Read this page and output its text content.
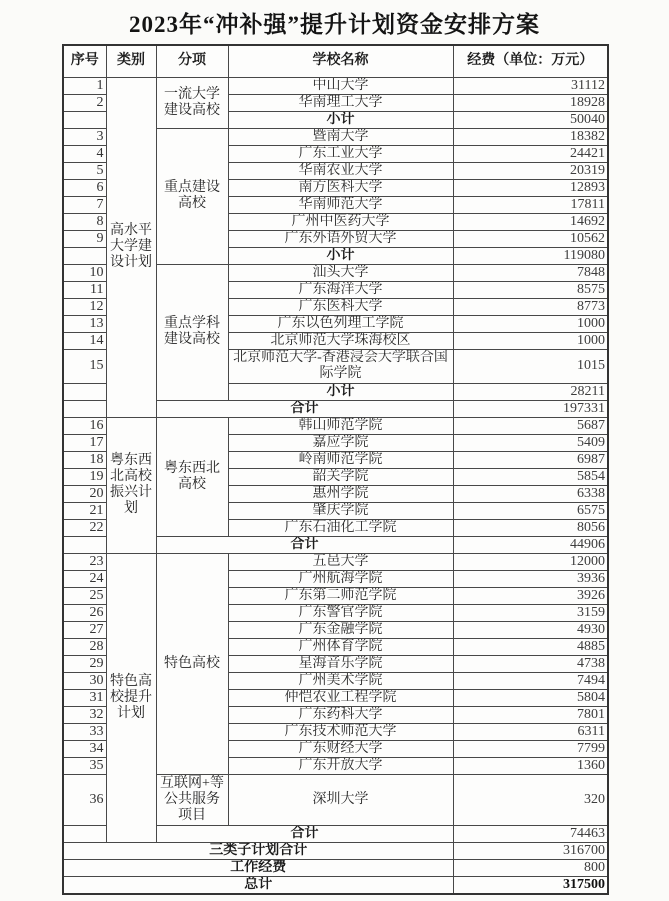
2023年“冲补强”提升计划资金安排方案
序号	类别	分项	学校名称	经费（单位：万元）
1	高水平大学建设计划	一流大学建设高校	中山大学	31112
2			华南理工大学	18928
			小计	50040
3		重点建设高校	暨南大学	18382
4			广东工业大学	24421
5			华南农业大学	20319
6			南方医科大学	12893
7			华南师范大学	17811
8			广州中医药大学	14692
9			广东外语外贸大学	10562
			小计	119080
10		重点学科建设高校	汕头大学	7848
11			广东海洋大学	8575
12			广东医科大学	8773
13			广东以色列理工学院	1000
14			北京师范大学珠海校区	1000
15			北京师范大学-香港浸会大学联合国际学院	1015
			小计	28211
		合计		197331
16	粤东西北高校振兴计划	粤东西北高校	韩山师范学院	5687
17			嘉应学院	5409
18			岭南师范学院	6987
19			韶关学院	5854
20			惠州学院	6338
21			肇庆学院	6575
22			广东石油化工学院	8056
		合计		44906
23	特色高校提升计划	特色高校	五邑大学	12000
24			广州航海学院	3936
25			广东第二师范学院	3926
26			广东警官学院	3159
27			广东金融学院	4930
28			广州体育学院	4885
29			星海音乐学院	4738
30			广州美术学院	7494
31			仲恺农业工程学院	5804
32			广东药科大学	7801
33			广东技术师范大学	6311
34			广东财经大学	7799
35			广东开放大学	1360
36		互联网+等公共服务项目	深圳大学	320
		合计		74463
三类子计划合计				316700
工作经费				800
总计				317500
